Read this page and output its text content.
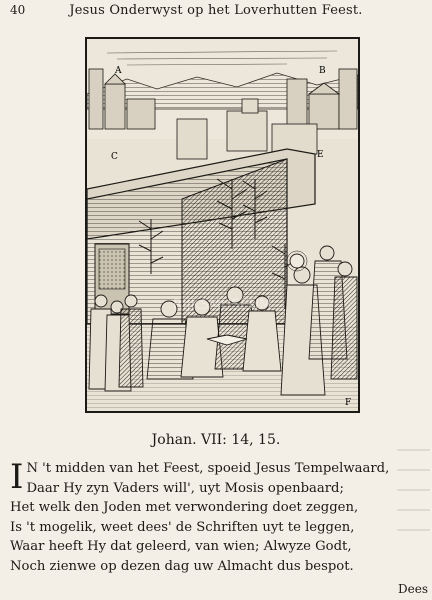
40	Jesus Onderwyst op het Loverhutten Feest.
A	B
C	E
F
RIJKSMUSEUM
Johan. VII: 14, 15.
I N 't midden van het Feest, spoeid Jesus Tempelwaard,
Daar Hy zyn Vaders will', uyt Mosis openbaard;
Het welk den Joden met verwondering doet zeggen,
Is 't mogelik, weet dees' de Schriften uyt te leggen,
Waar heeft Hy dat geleerd, van wien; Alwyze Godt,
Noch zienwe op dezen dag uw Almacht dus bespot.
Dees
